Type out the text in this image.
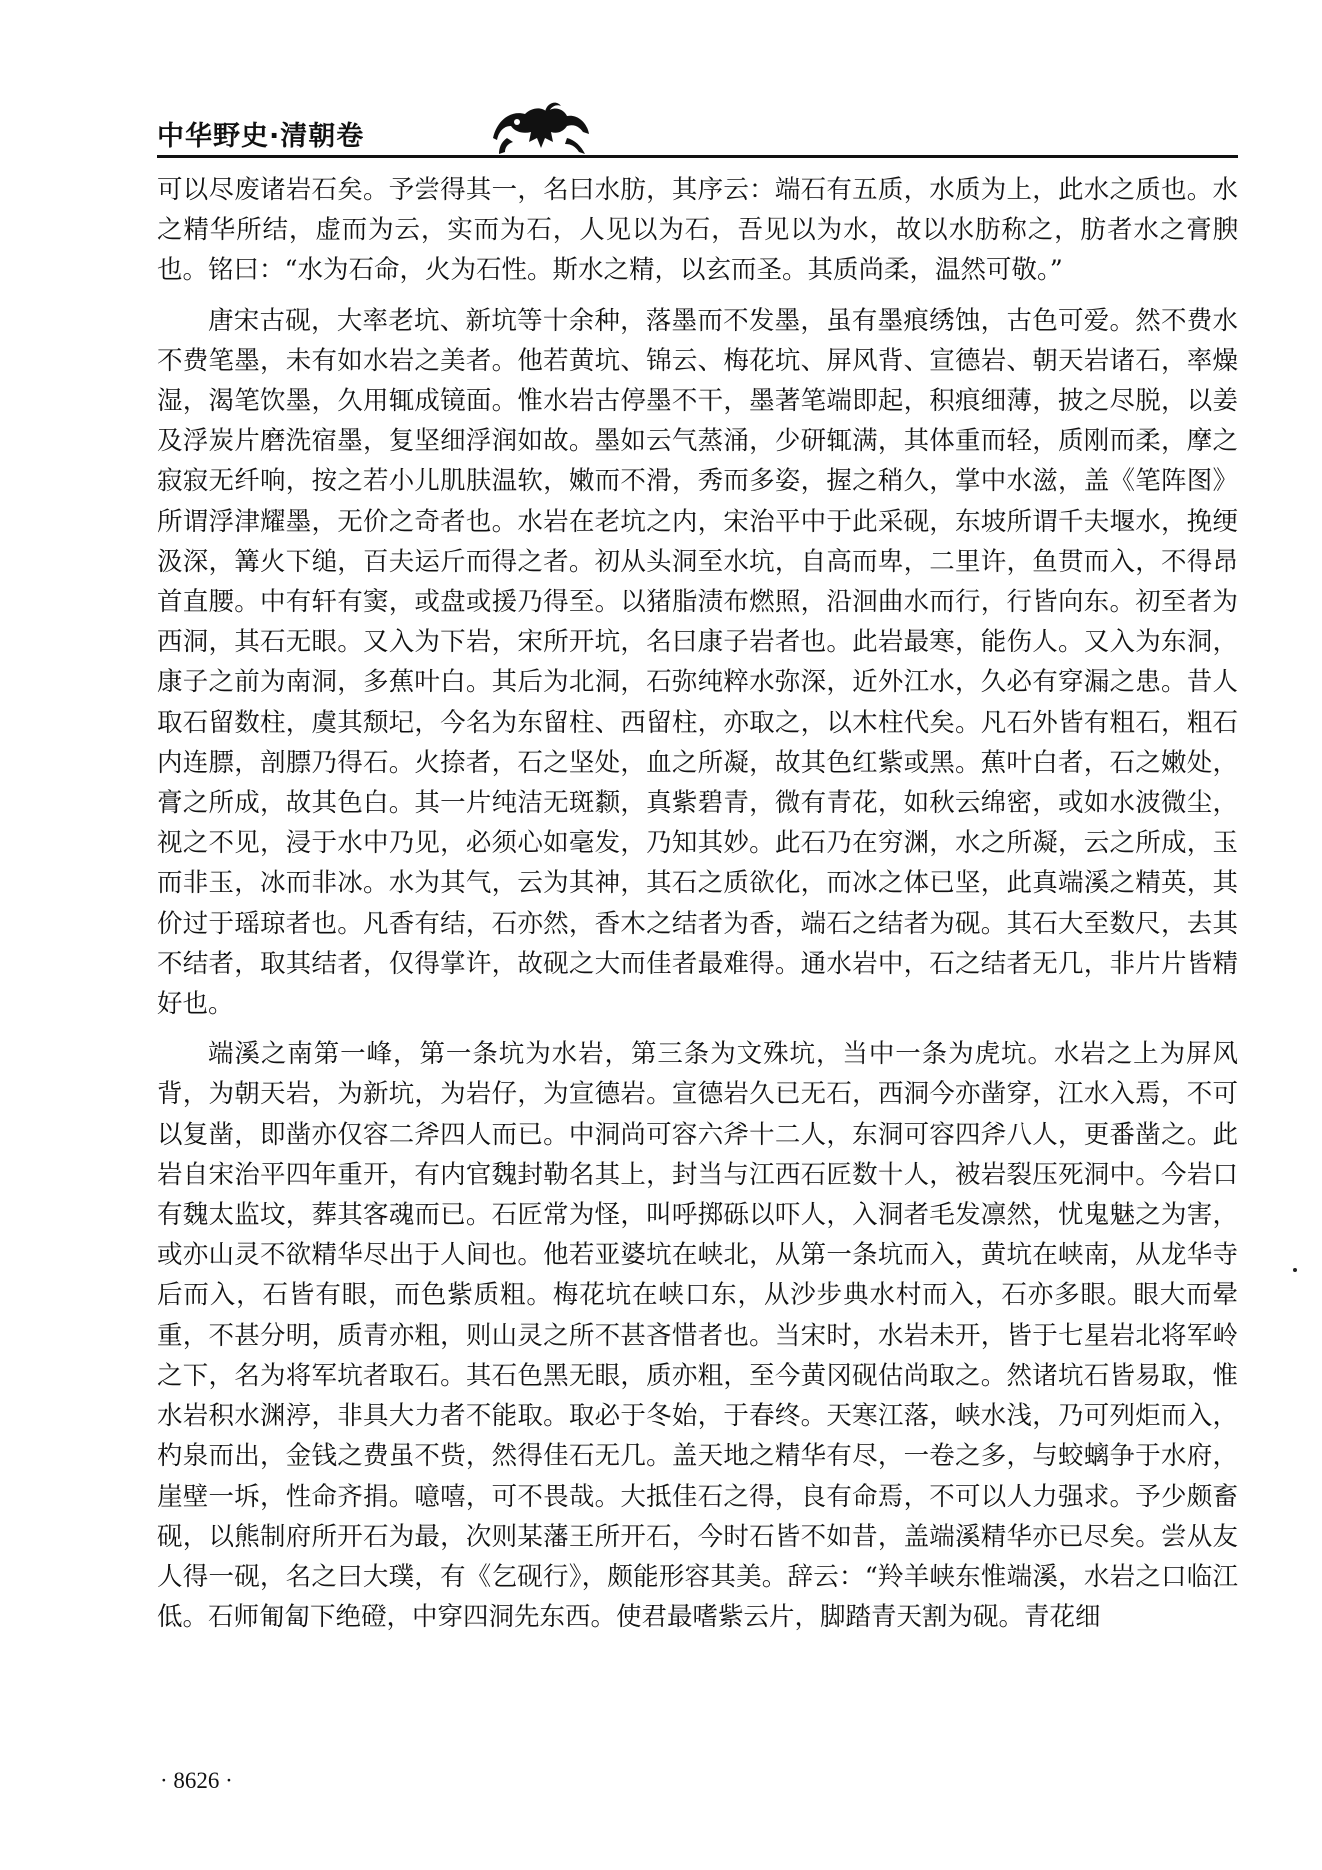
中华野史·清朝卷

可以尽废诸岩石矣。予尝得其一，名曰水肪，其序云：端石有五质，水质为上，此水之质也。水之精华所结，虚而为云，实而为石，人见以为石，吾见以为水，故以水肪称之，肪者水之膏腴也。铭曰：“水为石命，火为石性。斯水之精，以玄而圣。其质尚柔，温然可敬。”

唐宋古砚，大率老坑、新坑等十余种，落墨而不发墨，虽有墨痕绣蚀，古色可爱。然不费水不费笔墨，未有如水岩之美者。他若黄坑、锦云、梅花坑、屏风背、宣德岩、朝天岩诸石，率燥湿，渴笔饮墨，久用辄成镜面。惟水岩古停墨不干，墨著笔端即起，积痕细薄，披之尽脱，以姜及浮炭片磨洗宿墨，复坚细浮润如故。墨如云气蒸涌，少研辄满，其体重而轻，质刚而柔，摩之寂寂无纤响，按之若小儿肌肤温软，嫩而不滑，秀而多姿，握之稍久，掌中水滋，盖《笔阵图》所谓浮津耀墨，无价之奇者也。水岩在老坑之内，宋治平中于此采砚，东坡所谓千夫堰水，挽绠汲深，篝火下缒，百夫运斤而得之者。初从头洞至水坑，自高而卑，二里许，鱼贯而入，不得昂首直腰。中有轩有窦，或盘或援乃得至。以猪脂渍布燃照，沿洄曲水而行，行皆向东。初至者为西洞，其石无眼。又入为下岩，宋所开坑，名曰康子岩者也。此岩最寒，能伤人。又入为东洞，康子之前为南洞，多蕉叶白。其后为北洞，石弥纯粹水弥深，近外江水，久必有穿漏之患。昔人取石留数柱，虞其颓圮，今名为东留柱、西留柱，亦取之，以木柱代矣。凡石外皆有粗石，粗石内连膘，剖膘乃得石。火捺者，石之坚处，血之所凝，故其色红紫或黑。蕉叶白者，石之嫩处，膏之所成，故其色白。其一片纯洁无斑颣，真紫碧青，微有青花，如秋云绵密，或如水波微尘，视之不见，浸于水中乃见，必须心如毫发，乃知其妙。此石乃在穷渊，水之所凝，云之所成，玉而非玉，冰而非冰。水为其气，云为其神，其石之质欲化，而冰之体已坚，此真端溪之精英，其价过于瑶琼者也。凡香有结，石亦然，香木之结者为香，端石之结者为砚。其石大至数尺，去其不结者，取其结者，仅得掌许，故砚之大而佳者最难得。通水岩中，石之结者无几，非片片皆精好也。

端溪之南第一峰，第一条坑为水岩，第三条为文殊坑，当中一条为虎坑。水岩之上为屏风背，为朝天岩，为新坑，为岩仔，为宣德岩。宣德岩久已无石，西洞今亦凿穿，江水入焉，不可以复凿，即凿亦仅容二斧四人而已。中洞尚可容六斧十二人，东洞可容四斧八人，更番凿之。此岩自宋治平四年重开，有内官魏封勒名其上，封当与江西石匠数十人，被岩裂压死洞中。今岩口有魏太监坟，葬其客魂而已。石匠常为怪，叫呼掷砾以吓人，入洞者毛发凛然，忧鬼魅之为害，或亦山灵不欲精华尽出于人间也。他若亚婆坑在峡北，从第一条坑而入，黄坑在峡南，从龙华寺后而入，石皆有眼，而色紫质粗。梅花坑在峡口东，从沙步典水村而入，石亦多眼。眼大而晕重，不甚分明，质青亦粗，则山灵之所不甚吝惜者也。当宋时，水岩未开，皆于七星岩北将军岭之下，名为将军坑者取石。其石色黑无眼，质亦粗，至今黄冈砚估尚取之。然诸坑石皆易取，惟水岩积水渊渟，非具大力者不能取。取必于冬始，于春终。天寒江落，峡水浅，乃可列炬而入，杓泉而出，金钱之费虽不赀，然得佳石无几。盖天地之精华有尽，一卷之多，与蛟螭争于水府，崖壁一坼，性命齐捐。噫嘻，可不畏哉。大抵佳石之得，良有命焉，不可以人力强求。予少颇畜砚，以熊制府所开石为最，次则某藩王所开石，今时石皆不如昔，盖端溪精华亦已尽矣。尝从友人得一砚，名之曰大璞，有《乞砚行》，颇能形容其美。辞云：“羚羊峡东惟端溪，水岩之口临江低。石师匍匐下绝磴，中穿四洞先东西。使君最嗜紫云片，脚踏青天割为砚。青花细

· 8626 ·
